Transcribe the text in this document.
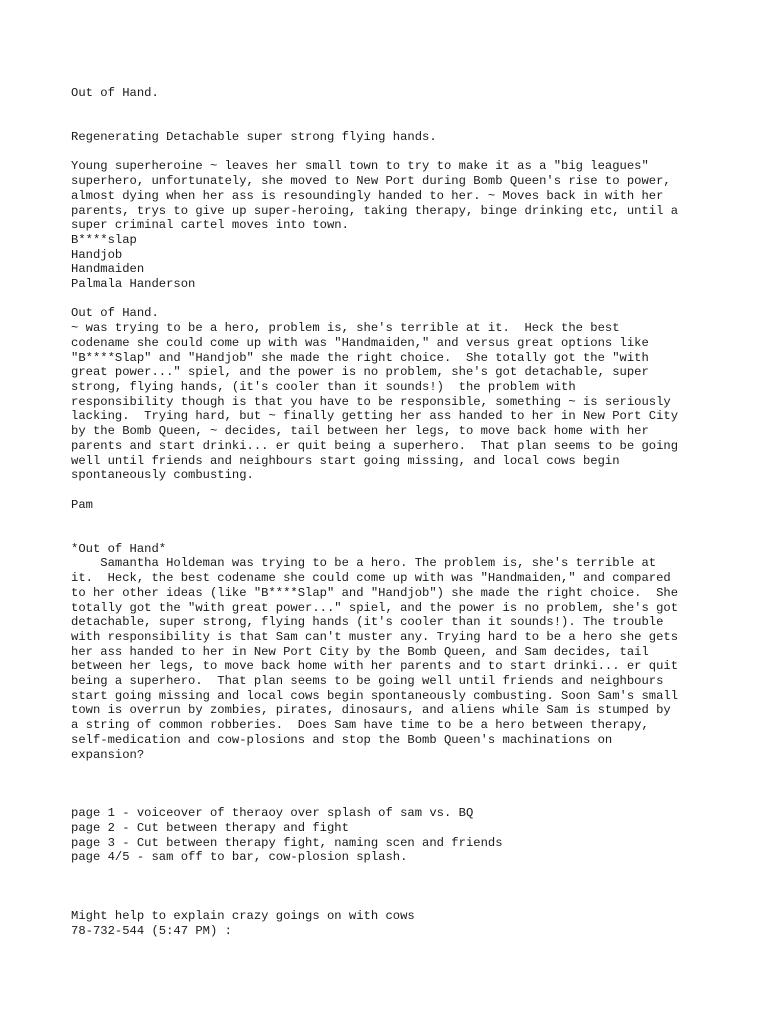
Out of Hand.
Regenerating Detachable super strong flying hands.
Young superheroine ~ leaves her small town to try to make it as a "big leagues"
superhero, unfortunately, she moved to New Port during Bomb Queen's rise to power,
almost dying when her ass is resoundingly handed to her. ~ Moves back in with her
parents, trys to give up super-heroing, taking therapy, binge drinking etc, until a
super criminal cartel moves into town.
B****slap
Handjob
Handmaiden
Palmala Handerson
Out of Hand.
~ was trying to be a hero, problem is, she's terrible at it.  Heck the best
codename she could come up with was "Handmaiden," and versus great options like
"B****Slap" and "Handjob" she made the right choice.  She totally got the "with
great power..." spiel, and the power is no problem, she's got detachable, super
strong, flying hands, (it's cooler than it sounds!)  the problem with
responsibility though is that you have to be responsible, something ~ is seriously
lacking.  Trying hard, but ~ finally getting her ass handed to her in New Port City
by the Bomb Queen, ~ decides, tail between her legs, to move back home with her
parents and start drinki... er quit being a superhero.  That plan seems to be going
well until friends and neighbours start going missing, and local cows begin
spontaneously combusting.
Pam
*Out of Hand*
Samantha Holdeman was trying to be a hero. The problem is, she's terrible at
it.  Heck, the best codename she could come up with was "Handmaiden," and compared
to her other ideas (like "B****Slap" and "Handjob") she made the right choice.  She
totally got the "with great power..." spiel, and the power is no problem, she's got
detachable, super strong, flying hands (it's cooler than it sounds!). The trouble
with responsibility is that Sam can't muster any. Trying hard to be a hero she gets
her ass handed to her in New Port City by the Bomb Queen, and Sam decides, tail
between her legs, to move back home with her parents and to start drinki... er quit
being a superhero.  That plan seems to be going well until friends and neighbours
start going missing and local cows begin spontaneously combusting. Soon Sam's small
town is overrun by zombies, pirates, dinosaurs, and aliens while Sam is stumped by
a string of common robberies.  Does Sam have time to be a hero between therapy,
self-medication and cow-plosions and stop the Bomb Queen's machinations on
expansion?
page 1 - voiceover of theraoy over splash of sam vs. BQ
page 2 - Cut between therapy and fight
page 3 - Cut between therapy fight, naming scen and friends
page 4/5 - sam off to bar, cow-plosion splash.
Might help to explain crazy goings on with cows
78-732-544 (5:47 PM) :
